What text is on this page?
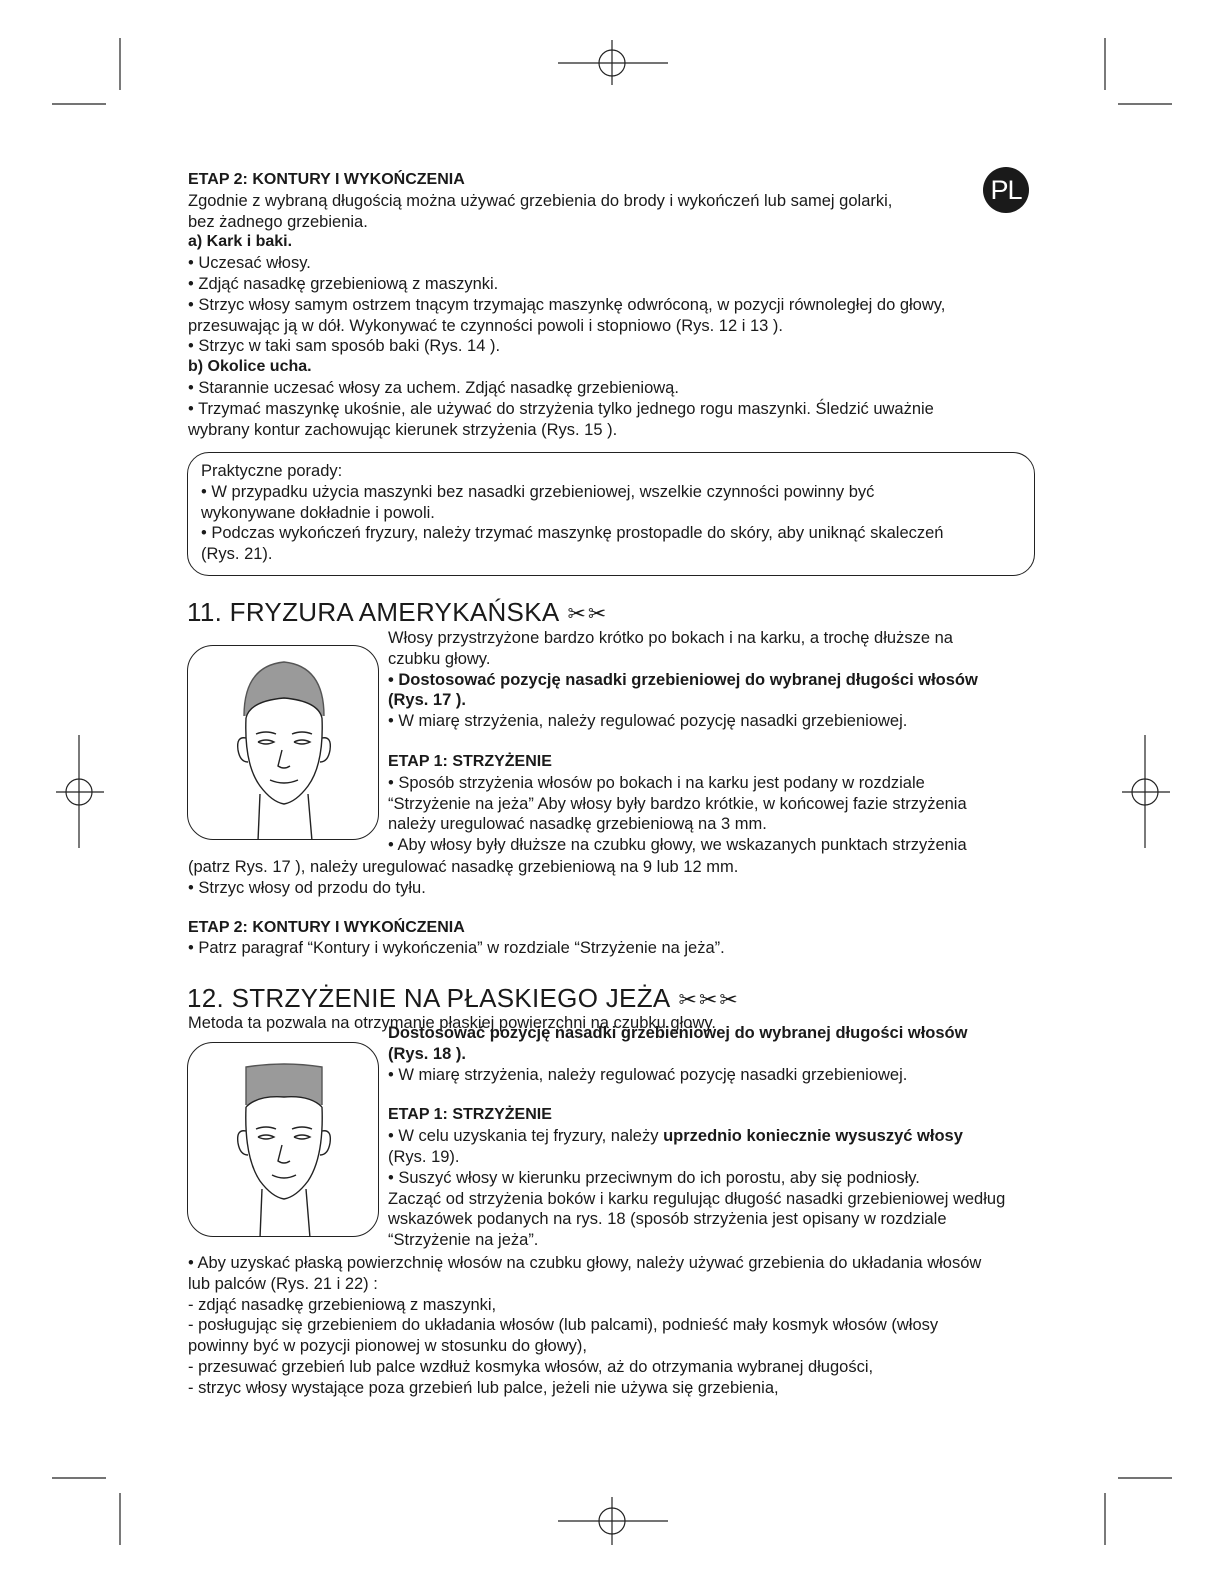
PL

ETAP 2: KONTURY I WYKOŃCZENIA

Zgodnie z wybraną długością można używać grzebienia do brody i wykończeń lub samej golarki,

bez żadnego grzebienia.

a) Kark i baki.

• Uczesać włosy.

• Zdjąć nasadkę grzebieniową z maszynki.

• Strzyc włosy samym ostrzem tnącym trzymając maszynkę odwróconą, w pozycji równoległej do głowy,

przesuwając ją w dół. Wykonywać te czynności powoli i stopniowo (Rys. 12 i 13 ).

• Strzyc w taki sam sposób baki (Rys. 14 ).

b) Okolice ucha.

• Starannie uczesać włosy za uchem. Zdjąć nasadkę grzebieniową.

• Trzymać maszynkę ukośnie, ale używać do strzyżenia tylko jednego rogu maszynki. Śledzić uważnie

wybrany kontur zachowując kierunek strzyżenia (Rys. 15 ).

Praktyczne porady:

• W przypadku użycia maszynki bez nasadki grzebieniowej, wszelkie czynności powinny być

wykonywane dokładnie i powoli.

• Podczas wykończeń fryzury, należy trzymać maszynkę prostopadle do skóry, aby uniknąć skaleczeń

(Rys. 21).

11. FRYZURA AMERYKAŃSKA ✂✂

Włosy przystrzyżone bardzo krótko po bokach i na karku, a trochę dłuższe na

czubku głowy.

• Dostosować pozycję nasadki grzebieniowej do wybranej długości włosów

(Rys. 17 ).

• W miarę strzyżenia, należy regulować pozycję nasadki grzebieniowej.

ETAP 1: STRZYŻENIE

• Sposób strzyżenia włosów po bokach i na karku jest podany w rozdziale

“Strzyżenie na jeża” Aby włosy były bardzo krótkie, w końcowej fazie strzyżenia

należy uregulować nasadkę grzebieniową na 3 mm.

• Aby włosy były dłuższe na czubku głowy, we wskazanych punktach strzyżenia

(patrz Rys. 17 ), należy uregulować nasadkę grzebieniową na 9 lub 12 mm.

• Strzyc włosy od przodu do tyłu.

ETAP 2: KONTURY I WYKOŃCZENIA

• Patrz paragraf “Kontury i wykończenia” w rozdziale “Strzyżenie na jeża”.

12. STRZYŻENIE NA PŁASKIEGO JEŻA ✂✂✂

Metoda ta pozwala na otrzymanie płaskiej powierzchni na czubku głowy.

Dostosować pozycję nasadki grzebieniowej do wybranej długości włosów

(Rys. 18 ).

• W miarę strzyżenia, należy regulować pozycję nasadki grzebieniowej.

ETAP 1: STRZYŻENIE

• W celu uzyskania tej fryzury, należy uprzednio koniecznie wysuszyć włosy

(Rys. 19).

• Suszyć włosy w kierunku przeciwnym do ich porostu, aby się podniosły.

Zacząć od strzyżenia boków i karku regulując długość nasadki grzebieniowej według

wskazówek podanych na rys. 18 (sposób strzyżenia jest opisany w rozdziale

“Strzyżenie na jeża”.

• Aby uzyskać płaską powierzchnię włosów na czubku głowy, należy używać grzebienia do układania włosów

lub palców (Rys. 21 i 22) :

- zdjąć nasadkę grzebieniową z maszynki,

- posługując się grzebieniem do układania włosów (lub palcami), podnieść mały kosmyk włosów (włosy

powinny być w pozycji pionowej w stosunku do głowy),

- przesuwać grzebień lub palce wzdłuż kosmyka włosów, aż do otrzymania wybranej długości,

- strzyc włosy wystające poza grzebień lub palce, jeżeli nie używa się grzebienia,
